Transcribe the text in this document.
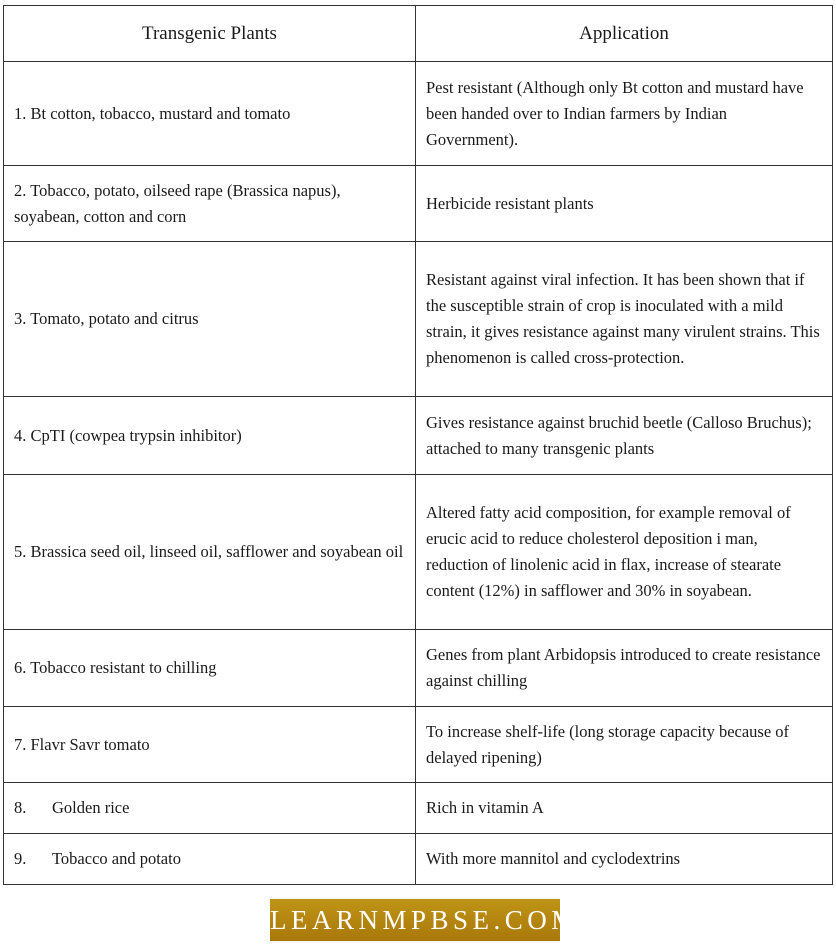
Transgenic Plants	Application
1. Bt cotton, tobacco, mustard and tomato	Pest resistant (Although only Bt cotton and mustard have been handed over to Indian farmers by Indian Government).
2. Tobacco, potato, oilseed rape (Brassica napus), soyabean, cotton and corn	Herbicide resistant plants
3. Tomato, potato and citrus	Resistant against viral infection. It has been shown that if the susceptible strain of crop is inoculated with a mild strain, it gives resistance against many virulent strains. This phenomenon is called cross-protection.
4. CpTI (cowpea trypsin inhibitor)	Gives resistance against bruchid beetle (Calloso Bruchus); attached to many transgenic plants
5. Brassica seed oil, linseed oil, safflower and soyabean oil	Altered fatty acid composition, for example removal of erucic acid to reduce cholesterol deposition i man, reduction of linolenic acid in flax, increase of stearate content (12%) in safflower and 30% in soyabean.
6. Tobacco resistant to chilling	Genes from plant Arbidopsis introduced to create resistance against chilling
7. Flavr Savr tomato	To increase shelf-life (long storage capacity because of delayed ripening)
8. Golden rice	Rich in vitamin A
9. Tobacco and potato	With more mannitol and cyclodextrins
LEARNMPBSE.COM
